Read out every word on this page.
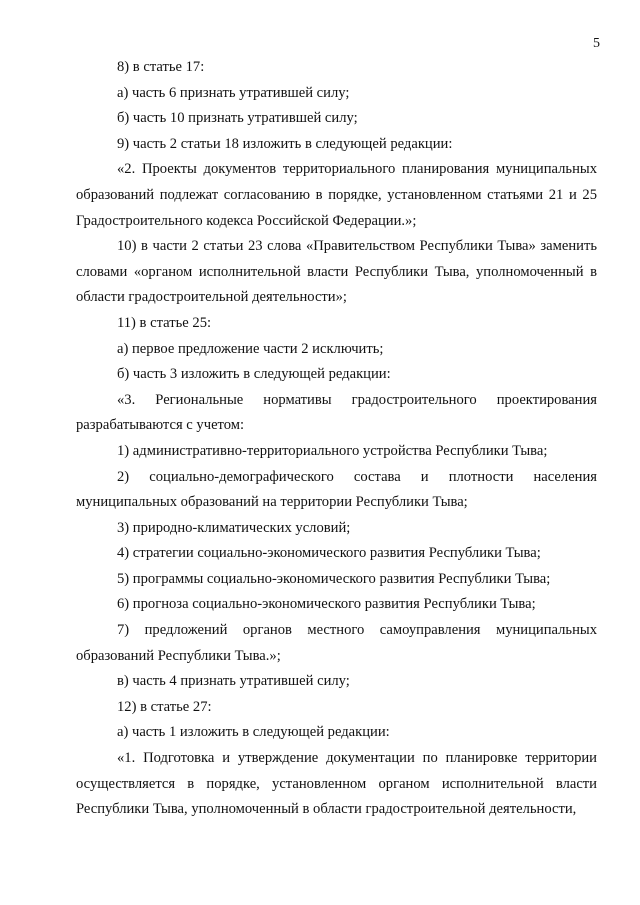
5

8) в статье 17:

а) часть 6 признать утратившей силу;

б) часть 10 признать утратившей силу;

9) часть 2 статьи 18 изложить в следующей редакции:

«2. Проекты документов территориального планирования муниципальных образований подлежат согласованию в порядке, установленном статьями 21 и 25 Градостроительного кодекса Российской Федерации.»;

10) в части 2 статьи 23 слова «Правительством Республики Тыва» заменить словами «органом исполнительной власти Республики Тыва, уполномоченный в области градостроительной деятельности»;

11) в статье 25:

а) первое предложение части 2 исключить;

б) часть 3 изложить в следующей редакции:

«3. Региональные нормативы градостроительного проектирования разрабатываются с учетом:

1) административно-территориального устройства Республики Тыва;

2) социально-демографического состава и плотности населения муниципальных образований на территории Республики Тыва;

3) природно-климатических условий;

4) стратегии социально-экономического развития Республики Тыва;

5) программы социально-экономического развития Республики Тыва;

6) прогноза социально-экономического развития Республики Тыва;

7) предложений органов местного самоуправления муниципальных образований Республики Тыва.»;

в) часть 4 признать утратившей силу;

12) в статье 27:

а) часть 1 изложить в следующей редакции:

«1. Подготовка и утверждение документации по планировке территории осуществляется в порядке, установленном органом исполнительной власти Республики Тыва, уполномоченный в области градостроительной деятельности,
